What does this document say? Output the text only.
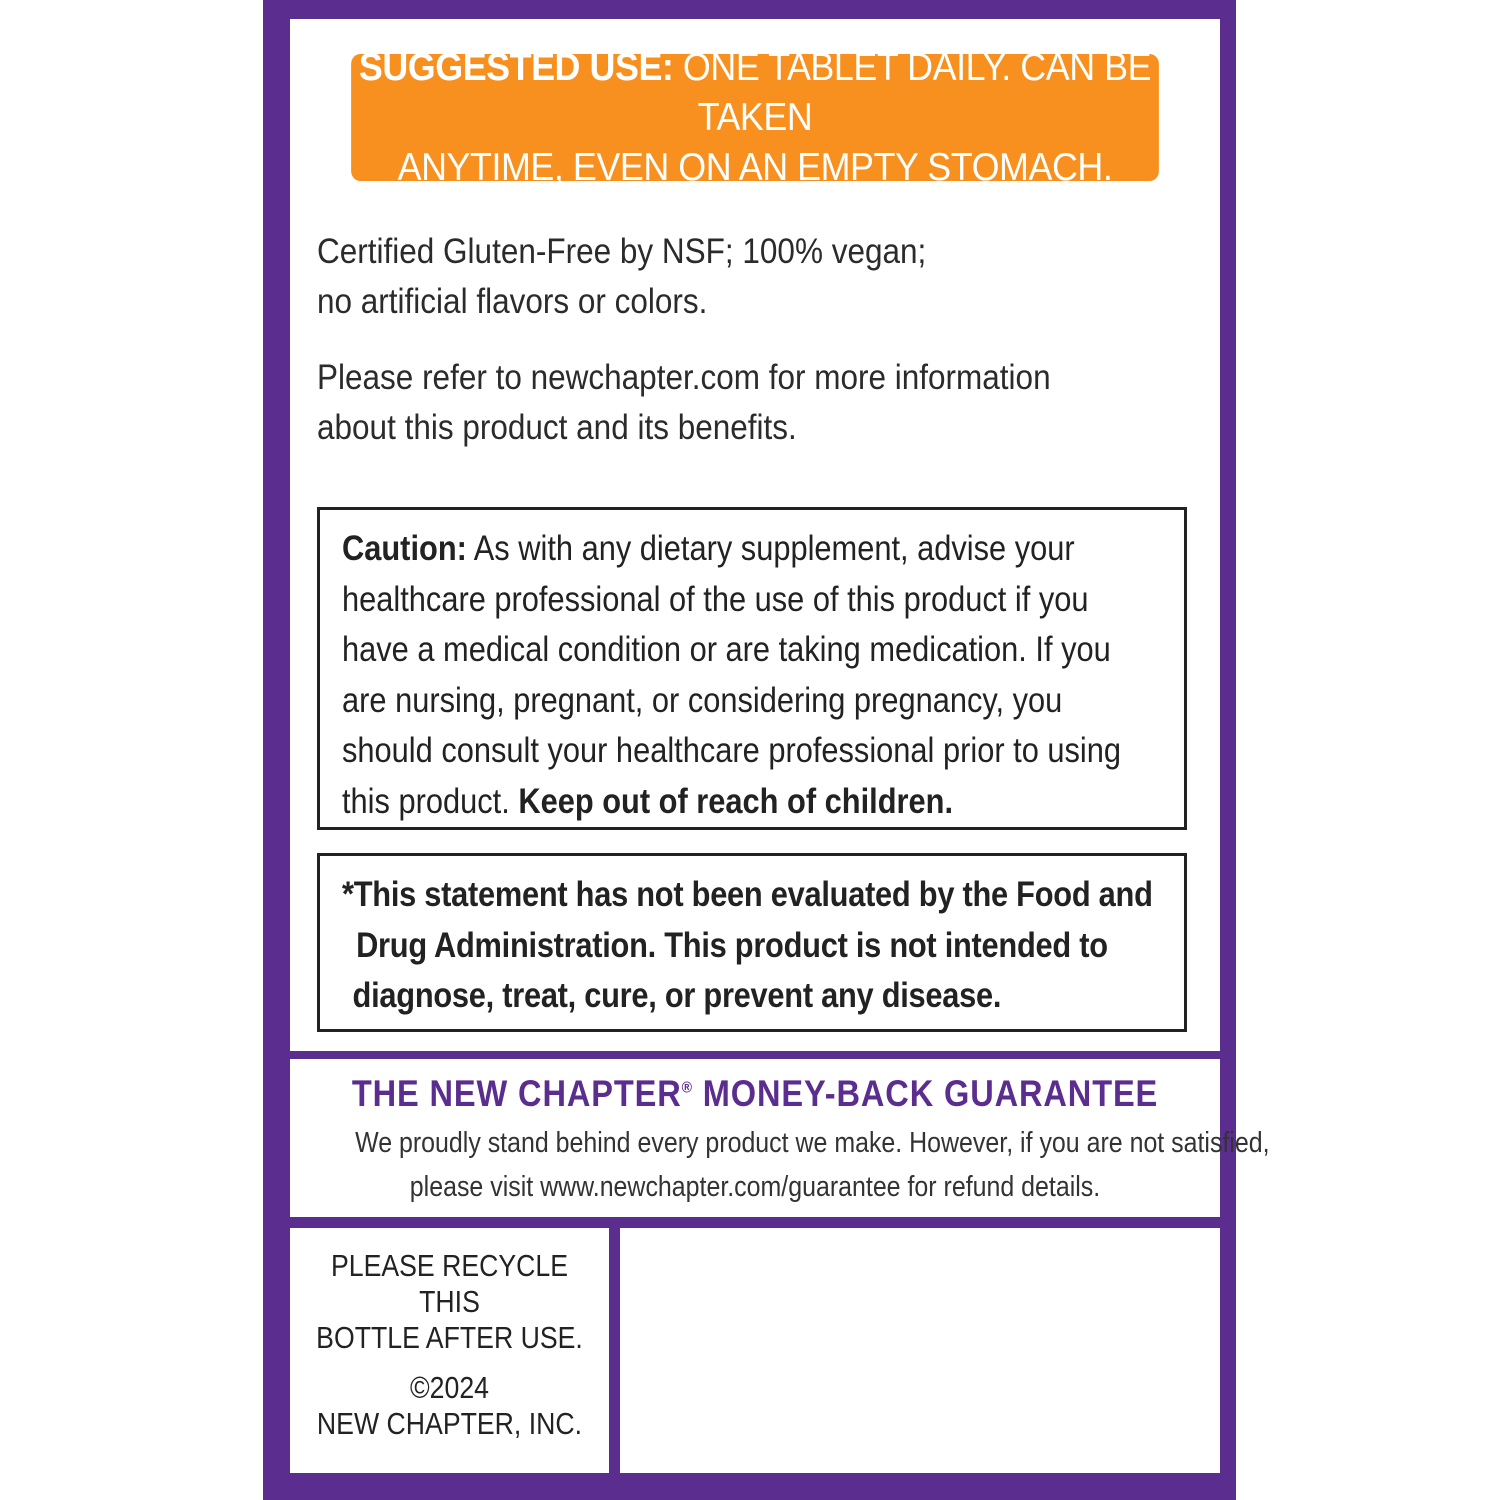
SUGGESTED USE: ONE TABLET DAILY. CAN BE TAKEN
ANYTIME, EVEN ON AN EMPTY STOMACH.
Certified Gluten-Free by NSF; 100% vegan;
no artificial flavors or colors.
Please refer to newchapter.com for more information
about this product and its benefits.
Caution: As with any dietary supplement, advise your
healthcare professional of the use of this product if you
have a medical condition or are taking medication. If you
are nursing, pregnant, or considering pregnancy, you
should consult your healthcare professional prior to using
this product. Keep out of reach of children.
*This statement has not been evaluated by the Food and
Drug Administration. This product is not intended to
diagnose, treat, cure, or prevent any disease.
THE NEW CHAPTER® MONEY-BACK GUARANTEE
We proudly stand behind every product we make. However, if you are not satisfied,
please visit www.newchapter.com/guarantee for refund details.

PLEASE RECYCLE THIS
BOTTLE AFTER USE.

©2024
NEW CHAPTER, INC.
